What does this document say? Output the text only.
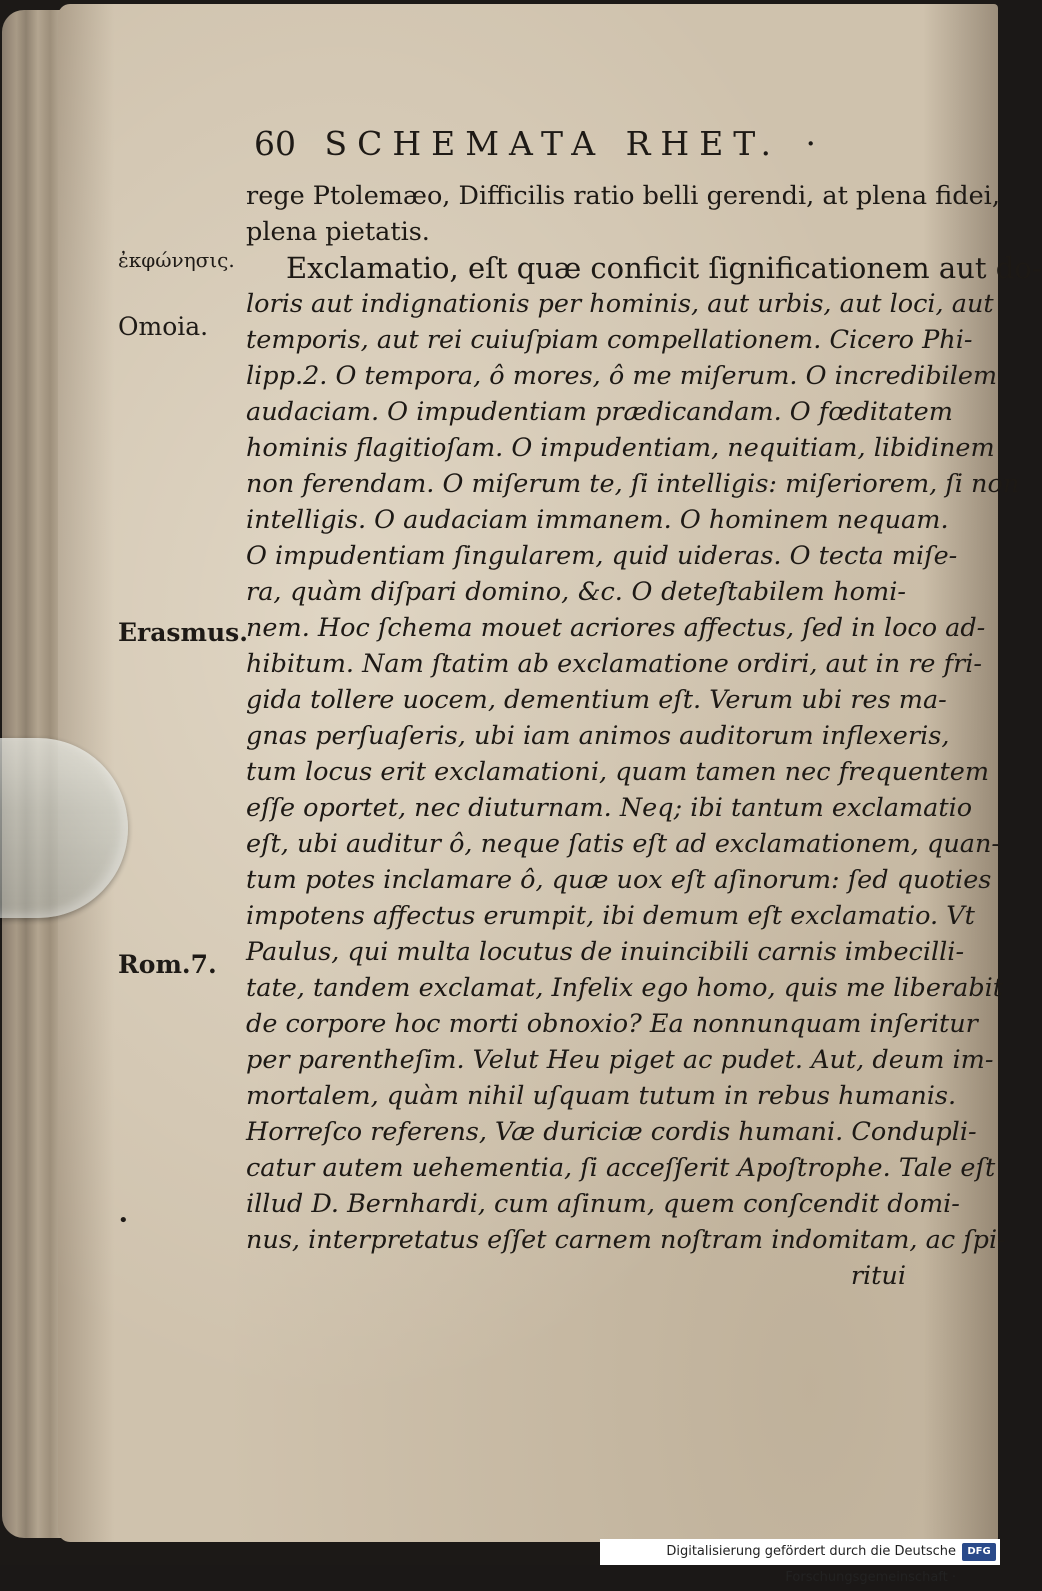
60 SCHEMATA RHET. ·
ἐκφώνησις.
Omoia.
Erasmus.
Rom.7.
•
rege Ptolemæo, Difficilis ratio belli gerendi, at plena fidei,
plena pietatis.
Exclamatio, eſt quæ conficit ſignificationem aut do-
loris aut indignationis per hominis, aut urbis, aut loci, aut
temporis, aut rei cuiuſpiam compellationem. Cicero Phi-
lipp.2. O tempora, ô mores, ô me miſerum. O incredibilem
audaciam. O impudentiam prædicandam. O fœditatem
hominis flagitioſam. O impudentiam, nequitiam, libidinem
non ferendam. O miſerum te, ſi intelligis: miſeriorem, ſi non
intelligis. O audaciam immanem. O hominem nequam.
O impudentiam ſingularem, quid uideras. O tecta miſe-
ra, quàm diſpari domino, &c. O deteſtabilem homi-
nem. Hoc ſchema mouet acriores affectus, ſed in loco ad-
hibitum. Nam ſtatim ab exclamatione ordiri, aut in re fri-
gida tollere uocem, dementium eſt. Verum ubi res ma-
gnas perſuaſeris, ubi iam animos auditorum inflexeris,
tum locus erit exclamationi, quam tamen nec frequentem
eſſe oportet, nec diuturnam. Neq; ibi tantum exclamatio
eſt, ubi auditur ô, neque ſatis eſt ad exclamationem, quan-
tum potes inclamare ô, quæ uox eſt aſinorum: ſed quoties
impotens affectus erumpit, ibi demum eſt exclamatio. Vt
Paulus, qui multa locutus de inuincibili carnis imbecilli-
tate, tandem exclamat, Infelix ego homo, quis me liberabit
de corpore hoc morti obnoxio? Ea nonnunquam inſeritur
per parentheſim. Velut Heu piget ac pudet. Aut, deum im-
mortalem, quàm nihil uſquam tutum in rebus humanis.
Horreſco referens, Væ duriciæ cordis humani. Condupli-
catur autem uehementia, ſi acceſſerit Apoſtrophe. Tale eſt
illud D. Bernhardi, cum aſinum, quem conſcendit domi-
nus, interpretatus eſſet carnem noſtram indomitam, ac ſpi-
ritui
Digitalisierung gefördert durch die Deutsche Forschungsgemeinschaft ·
DFG
